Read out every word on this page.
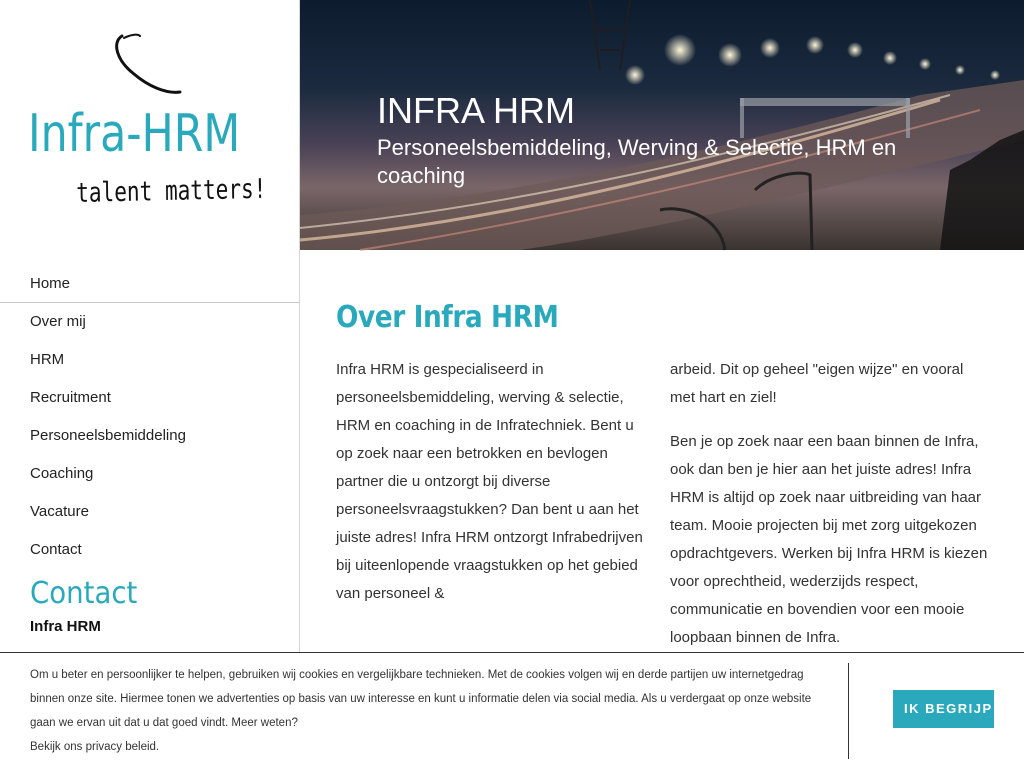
Infra-HRM
talent matters!
Home
Over mij
HRM
Recruitment
Personeelsbemiddeling
Coaching
Vacature
Contact
Contact
Infra HRM
INFRA HRM
Personeelsbemiddeling, Werving & Selectie, HRM en coaching
Over Infra HRM

Infra HRM is gespecialiseerd in personeelsbemiddeling, werving & selectie, HRM en coaching in de Infratechniek. Bent u op zoek naar een betrokken en bevlogen partner die u ontzorgt bij diverse personeelsvraagstukken? Dan bent u aan het juiste adres! Infra HRM ontzorgt Infrabedrijven bij uiteenlopende vraagstukken op het gebied van personeel &

arbeid. Dit op geheel "eigen wijze" en vooral met hart en ziel!

Ben je op zoek naar een baan binnen de Infra, ook dan ben je hier aan het juiste adres! Infra HRM is altijd op zoek naar uitbreiding van haar team. Mooie projecten bij met zorg uitgekozen opdrachtgevers. Werken bij Infra HRM is kiezen voor oprechtheid, wederzijds respect, communicatie en bovendien voor een mooie loopbaan binnen de Infra.

Om u beter en persoonlijker te helpen, gebruiken wij cookies en vergelijkbare technieken. Met de cookies volgen wij en derde partijen uw internetgedrag binnen onze site. Hiermee tonen we advertenties op basis van uw interesse en kunt u informatie delen via social media. Als u verdergaat op onze website gaan we ervan uit dat u dat goed vindt. Meer weten?
Bekijk ons privacy beleid.
IK BEGRIJP HET
